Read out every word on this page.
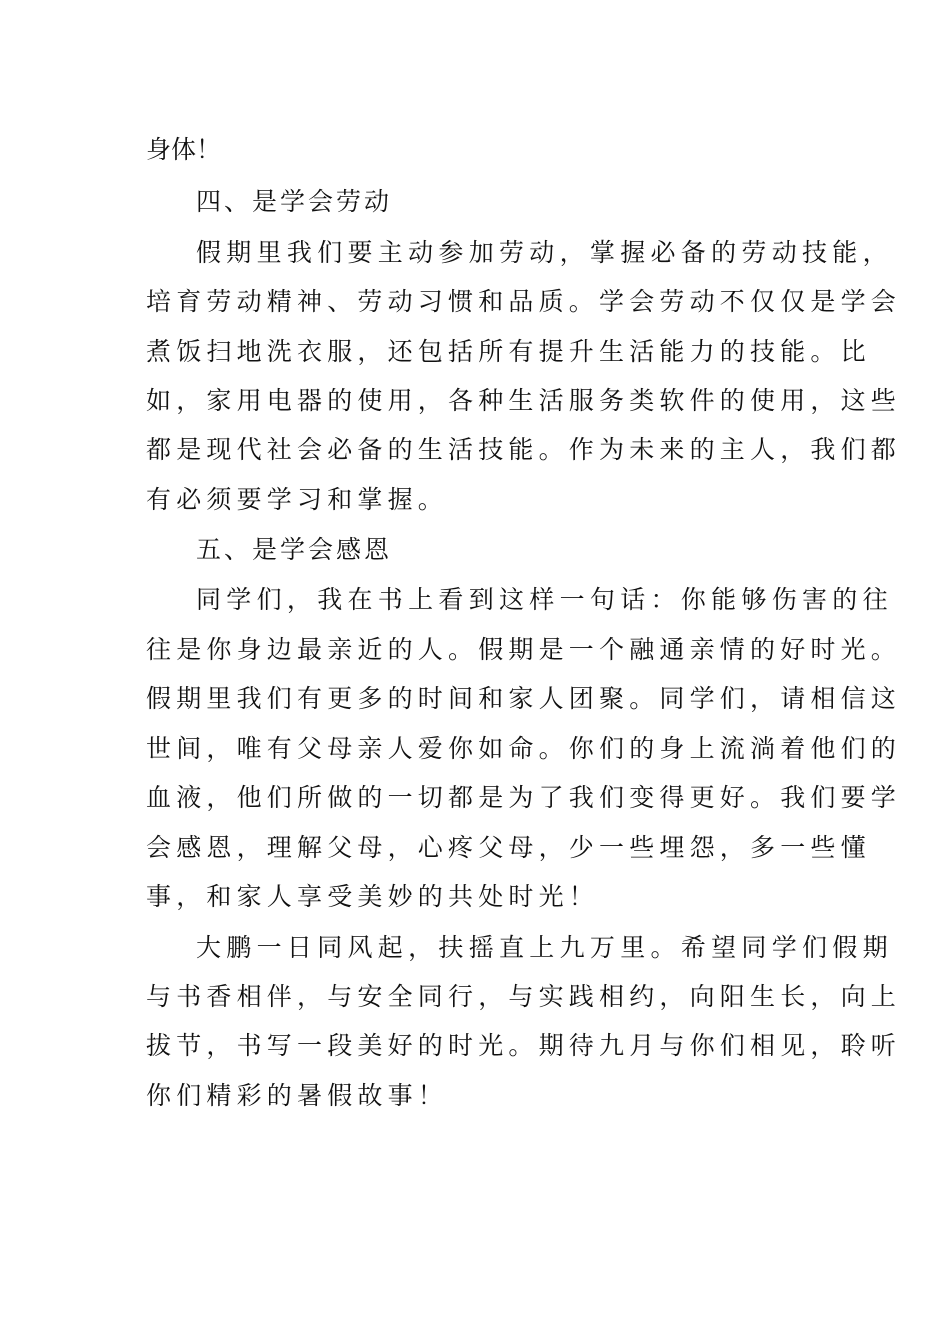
身体！
四、是学会劳动
假期里我们要主动参加劳动，掌握必备的劳动技能，
培育劳动精神、劳动习惯和品质。学会劳动不仅仅是学会
煮饭扫地洗衣服，还包括所有提升生活能力的技能。比
如，家用电器的使用，各种生活服务类软件的使用，这些
都是现代社会必备的生活技能。作为未来的主人，我们都
有必须要学习和掌握。
五、是学会感恩
同学们，我在书上看到这样一句话：你能够伤害的往
往是你身边最亲近的人。假期是一个融通亲情的好时光。
假期里我们有更多的时间和家人团聚。同学们，请相信这
世间，唯有父母亲人爱你如命。你们的身上流淌着他们的
血液，他们所做的一切都是为了我们变得更好。我们要学
会感恩，理解父母，心疼父母，少一些埋怨，多一些懂
事，和家人享受美妙的共处时光！
大鹏一日同风起，扶摇直上九万里。希望同学们假期
与书香相伴，与安全同行，与实践相约，向阳生长，向上
拔节，书写一段美好的时光。期待九月与你们相见，聆听
你们精彩的暑假故事！
